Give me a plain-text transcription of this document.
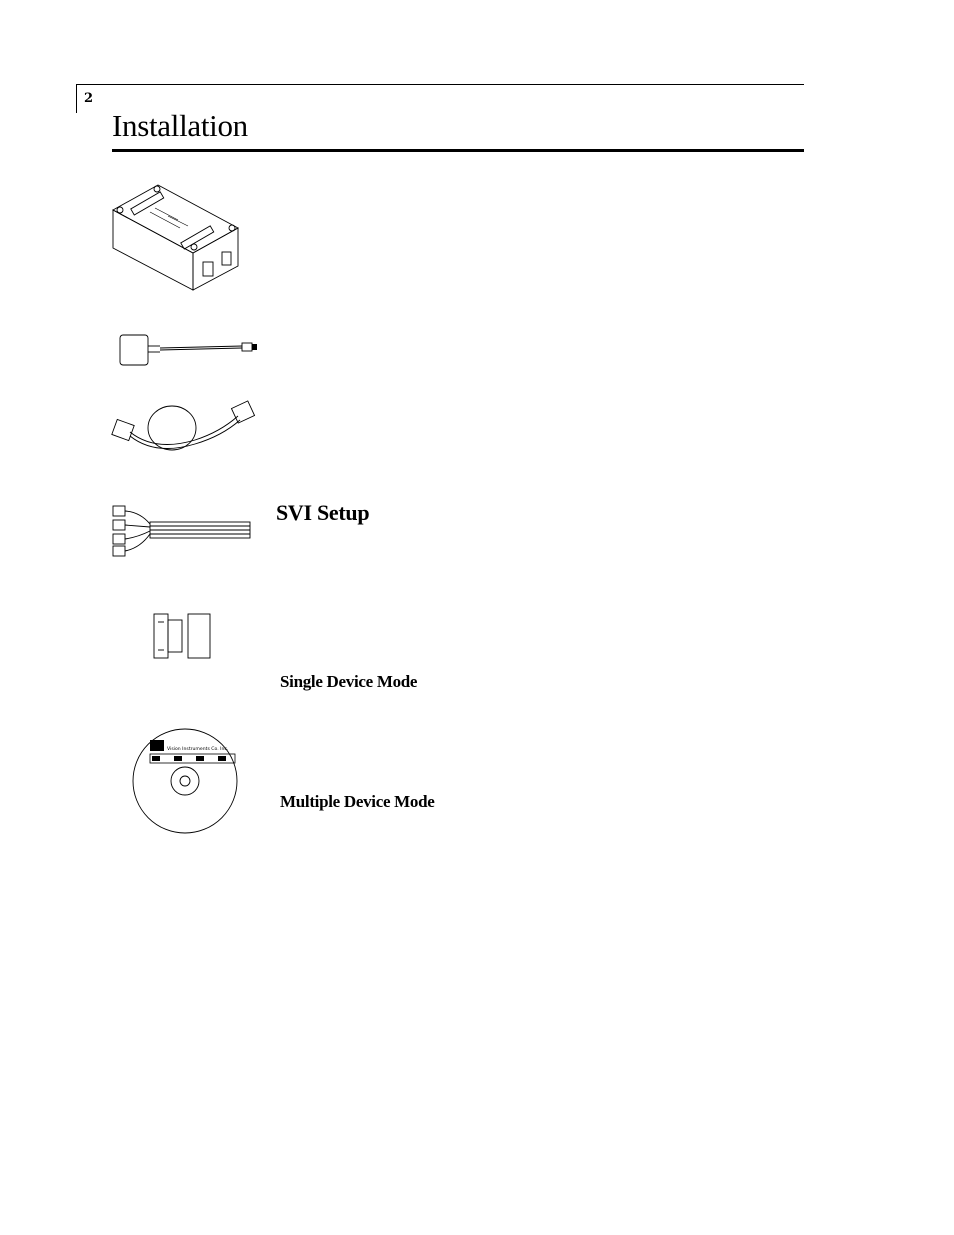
2
Installation
SVI Setup
Single Device Mode
Vision Instruments Co. Inc.
Multiple Device Mode
